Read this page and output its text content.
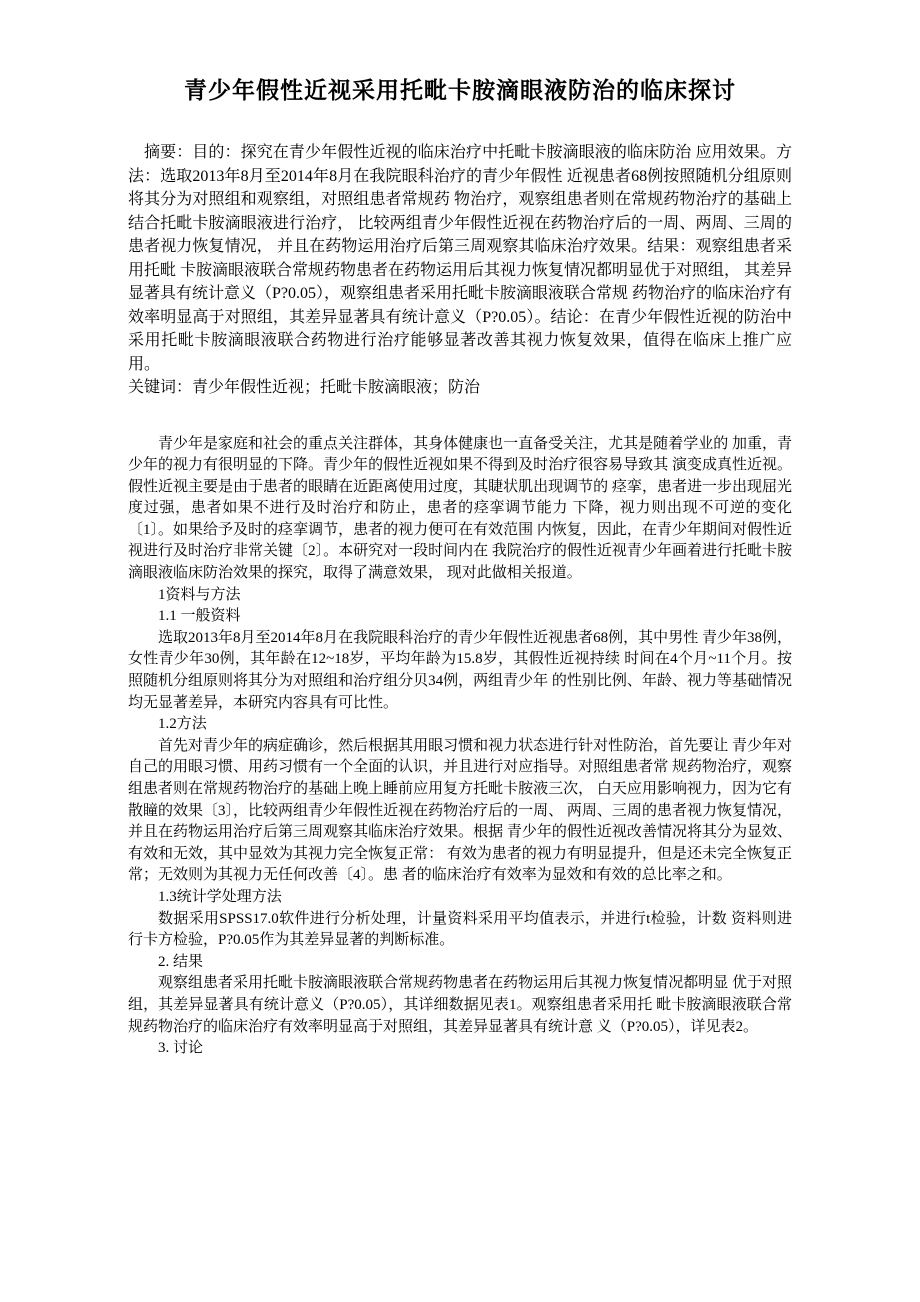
青少年假性近视采用托毗卡胺滴眼液防治的临床探讨

摘要：目的：探究在青少年假性近视的临床治疗中托毗卡胺滴眼液的临床防治 应用效果。方法：选取2013年8月至2014年8月在我院眼科治疗的青少年假性 近视患者68例按照随机分组原则将其分为对照组和观察组，对照组患者常规药 物治疗，观察组患者则在常规药物治疗的基础上结合托毗卡胺滴眼液进行治疗， 比较两组青少年假性近视在药物治疗后的一周、两周、三周的患者视力恢复情况， 并且在药物运用治疗后第三周观察其临床治疗效果。结果：观察组患者采用托毗 卡胺滴眼液联合常规药物患者在药物运用后其视力恢复情况都明显优于对照组， 其差异显著具有统计意义（P?0.05），观察组患者采用托毗卡胺滴眼液联合常规 药物治疗的临床治疗有效率明显高于对照组，其差异显著具有统计意义（P?0.05）。结论：在青少年假性近视的防治中采用托毗卡胺滴眼液联合药物进行治疗能够显著改善其视力恢复效果，值得在临床上推广应用。

关键词：青少年假性近视；托毗卡胺滴眼液；防治

青少年是家庭和社会的重点关注群体，其身体健康也一直备受关注，尤其是随着学业的 加重，青少年的视力有很明显的下降。青少年的假性近视如果不得到及时治疗很容易导致其 演变成真性近视。假性近视主要是由于患者的眼睛在近距离使用过度，其睫状肌出现调节的 痉挛，患者进一步出现屈光度过强，患者如果不进行及时治疗和防止，患者的痉挛调节能力 下降，视力则出现不可逆的变化〔1〕。如果给予及时的痉挛调节，患者的视力便可在有效范围 内恢复，因此，在青少年期间对假性近视进行及时治疗非常关键〔2〕。本研究对一段时间内在 我院治疗的假性近视青少年画着进行托毗卡胺滴眼液临床防治效果的探究，取得了满意效果， 现对此做相关报道。

1资料与方法

1.1 一般资料

选取2013年8月至2014年8月在我院眼科治疗的青少年假性近视患者68例，其中男性 青少年38例，女性青少年30例，其年龄在12~18岁，平均年龄为15.8岁，其假性近视持续 时间在4个月~11个月。按照随机分组原则将其分为对照组和治疗组分贝34例，两组青少年 的性别比例、年龄、视力等基础情况均无显著差异，本研究内容具有可比性。

1.2方法

首先对青少年的病症确诊，然后根据其用眼习惯和视力状态进行针对性防治，首先要让 青少年对自己的用眼习惯、用药习惯有一个全面的认识，并且进行对应指导。对照组患者常 规药物治疗，观察组患者则在常规药物治疗的基础上晚上睡前应用复方托毗卡胺液三次， 白天应用影响视力，因为它有散瞳的效果〔3〕，比较两组青少年假性近视在药物治疗后的一周、 两周、三周的患者视力恢复情况，并且在药物运用治疗后第三周观察其临床治疗效果。根据 青少年的假性近视改善情况将其分为显效、有效和无效，其中显效为其视力完全恢复正常： 有效为患者的视力有明显提升，但是还未完全恢复正常；无效则为其视力无任何改善〔4〕。患 者的临床治疗有效率为显效和有效的总比率之和。

1.3统计学处理方法

数据采用SPSS17.0软件进行分析处理，计量资料采用平均值表示，并进行t检验，计数 资料则进行卡方检验，P?0.05作为其差异显著的判断标准。

2. 结果

观察组患者采用托毗卡胺滴眼液联合常规药物患者在药物运用后其视力恢复情况都明显 优于对照组，其差异显著具有统计意义（P?0.05），其详细数据见表1。观察组患者采用托 毗卡胺滴眼液联合常规药物治疗的临床治疗有效率明显高于对照组，其差异显著具有统计意 义（P?0.05），详见表2。

3. 讨论
